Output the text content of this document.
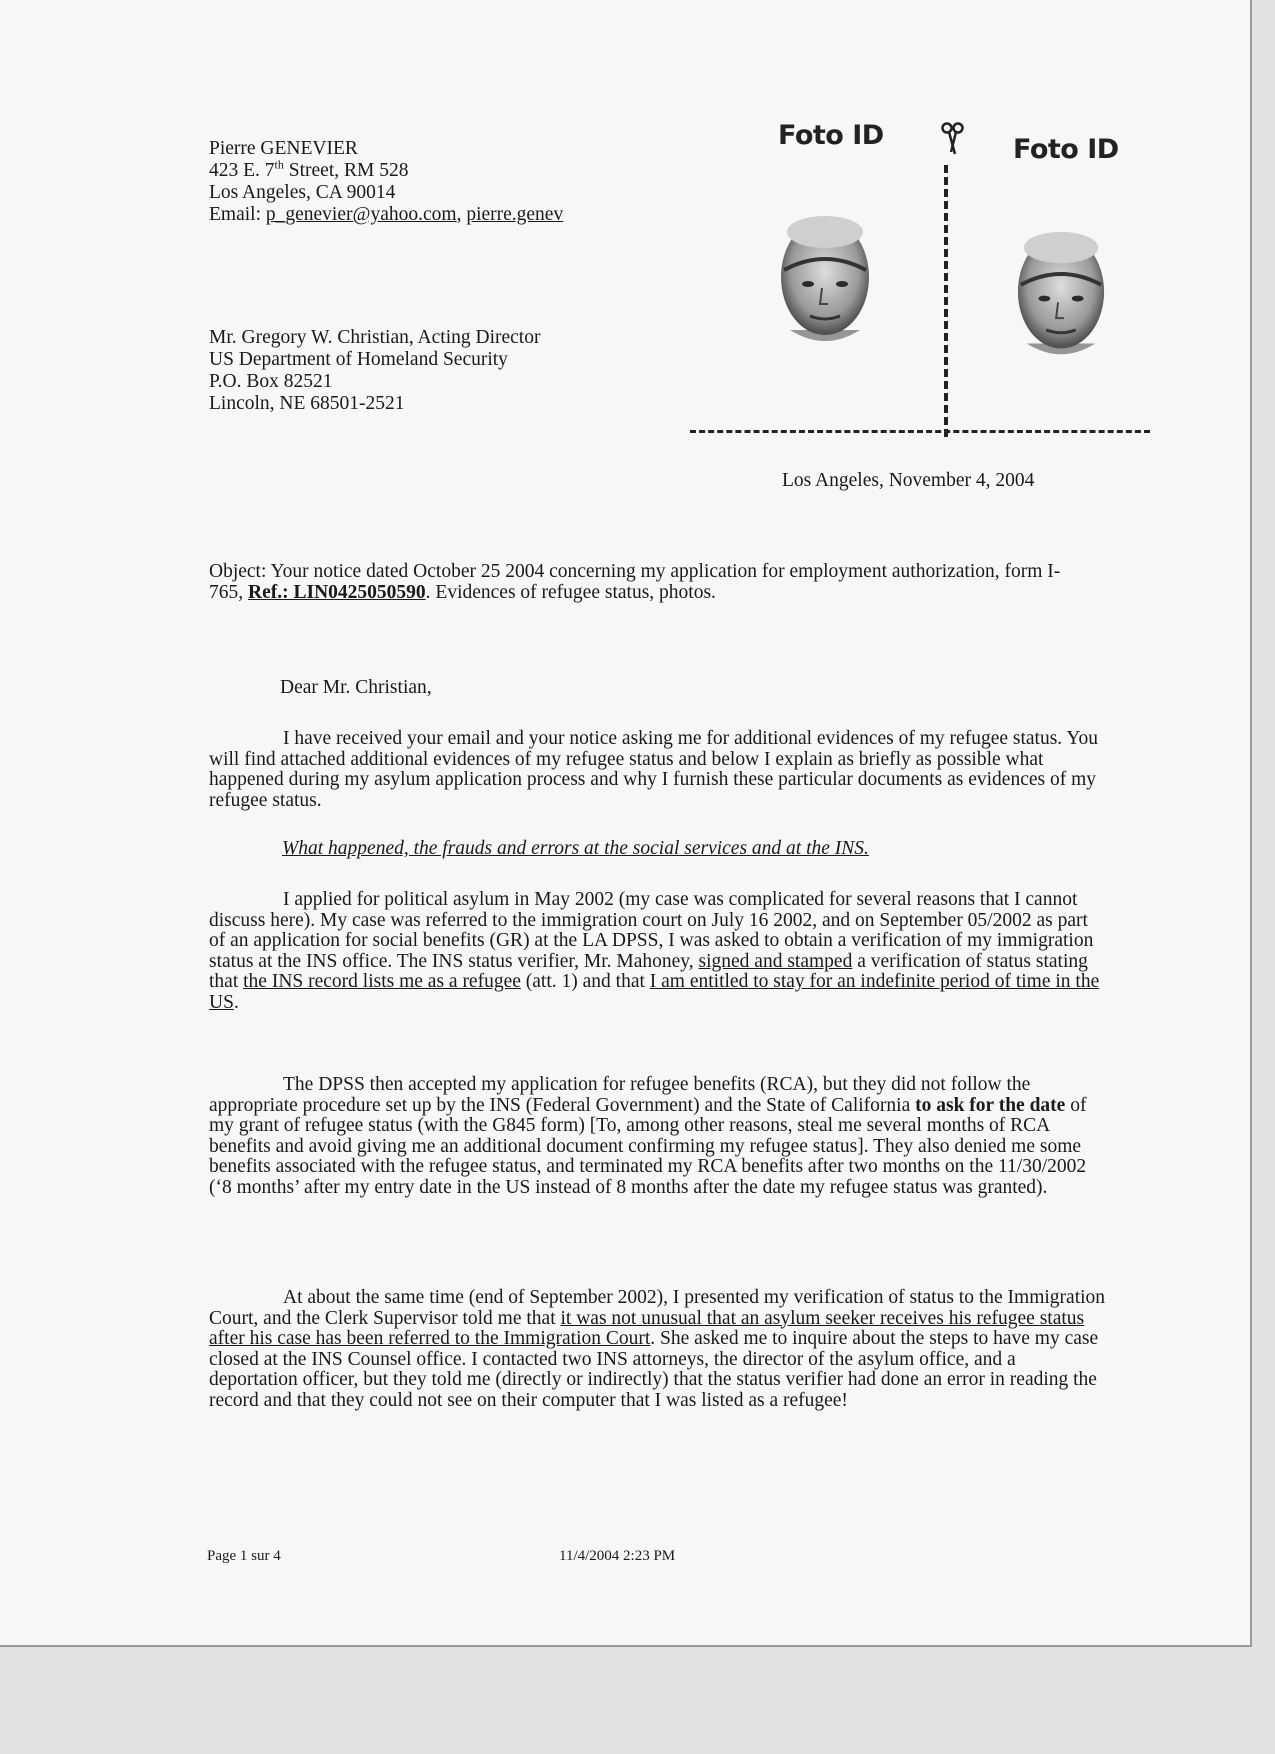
Pierre GENEVIER
423 E. 7th Street, RM 528
Los Angeles, CA 90014
Email: p_genevier@yahoo.com, pierre.genev
Mr. Gregory W. Christian, Acting Director
US Department of Homeland Security
P.O. Box 82521
Lincoln, NE 68501-2521
Foto ID	Foto ID
Los Angeles, November 4, 2004

Object: Your notice dated October 25 2004 concerning my application for employment authorization, form I-765, Ref.: LIN0425050590. Evidences of refugee status, photos.

Dear Mr. Christian,

I have received your email and your notice asking me for additional evidences of my refugee status. You will find attached additional evidences of my refugee status and below I explain as briefly as possible what happened during my asylum application process and why I furnish these particular documents as evidences of my refugee status.

What happened, the frauds and errors at the social services and at the INS.

I applied for political asylum in May 2002 (my case was complicated for several reasons that I cannot discuss here). My case was referred to the immigration court on July 16 2002, and on September 05/2002 as part of an application for social benefits (GR) at the LA DPSS, I was asked to obtain a verification of my immigration status at the INS office. The INS status verifier, Mr. Mahoney, signed and stamped a verification of status stating that the INS record lists me as a refugee (att. 1) and that I am entitled to stay for an indefinite period of time in the US.

The DPSS then accepted my application for refugee benefits (RCA), but they did not follow the appropriate procedure set up by the INS (Federal Government) and the State of California to ask for the date of my grant of refugee status (with the G845 form) [To, among other reasons, steal me several months of RCA benefits and avoid giving me an additional document confirming my refugee status]. They also denied me some benefits associated with the refugee status, and terminated my RCA benefits after two months on the 11/30/2002 (‘8 months’ after my entry date in the US instead of 8 months after the date my refugee status was granted).

At about the same time (end of September 2002), I presented my verification of status to the Immigration Court, and the Clerk Supervisor told me that it was not unusual that an asylum seeker receives his refugee status after his case has been referred to the Immigration Court. She asked me to inquire about the steps to have my case closed at the INS Counsel office. I contacted two INS attorneys, the director of the asylum office, and a deportation officer, but they told me (directly or indirectly) that the status verifier had done an error in reading the record and that they could not see on their computer that I was listed as a refugee!

Page 1 sur 4	11/4/2004 2:23 PM
